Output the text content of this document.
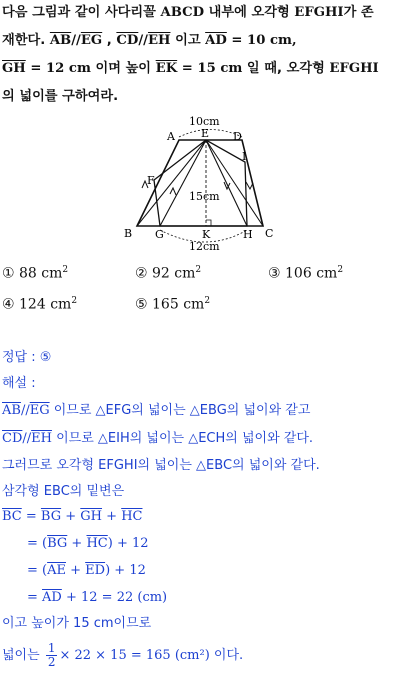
다음 그림과 같이 사다리꼴 ABCD 내부에 오각형 EFGHI가 존
재한다. $\overline{AB}//\overline{EG}$ , $\overline{CD}//\overline{EH}$ 이고 $\overline{AD} = 10$ cm,
$\overline{GH} = 12$ cm 이며 높이 $\overline{EK} = 15$ cm 일 때, 오각형 EFGHI
의 넓이를 구하여라.
10cm
A E D
I
F
15cm
B G	K	H C
12cm
① 88 $cm^2$	② 92 $cm^2$	③ 106 $cm^2$
④ 124 $cm^2$	⑤ 165 $cm^2$
정답 : ⑤
해설 :
$\overline{AB}//\overline{EG}$ 이므로 △EFG의 넓이는 △EBG의 넓이와 같고
$\overline{CD}//\overline{EH}$ 이므로 △EIH의 넓이는 △ECH의 넓이와 같다.
그러므로 오각형 EFGHI의 넓이는 △EBC의 넓이와 같다.
삼각형 EBC의 밑변은
$\overline{BC} = \overline{BG} + \overline{GH} + \overline{HC}$
= $(\overline{BG} + \overline{HC}) + 12$
= $(\overline{AE} + \overline{ED}) + 12$
= $\overline{AD} + 12 = 22$ (cm)
이고 높이가 15 cm이므로
넓이는 $\frac{1}{2} \times 22 \times 15 = 165$ (cm²) 이다.
